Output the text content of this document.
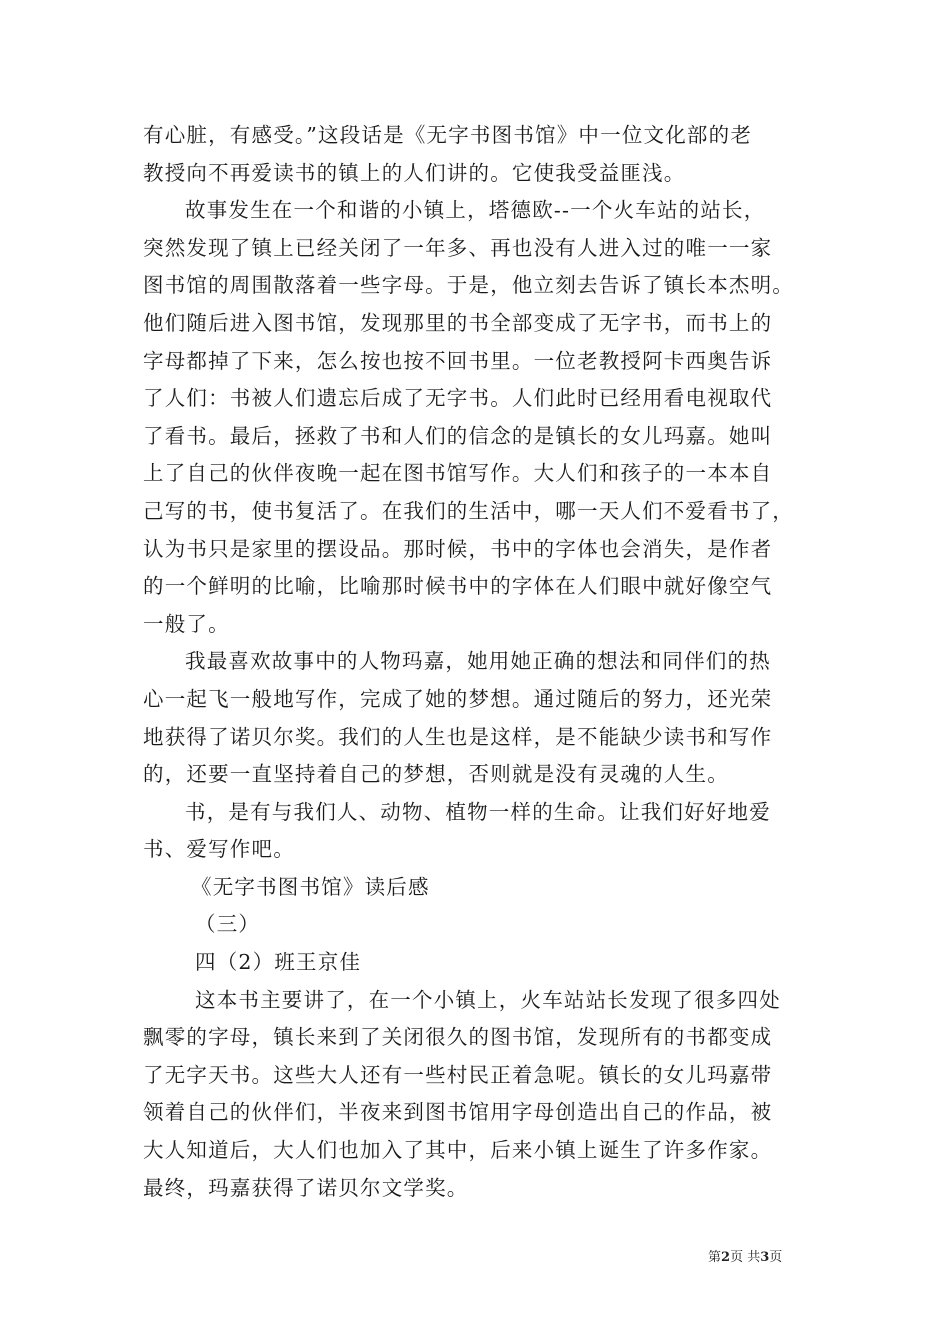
有心脏，有感受。”这段话是《无字书图书馆》中一位文化部的老
教授向不再爱读书的镇上的人们讲的。它使我受益匪浅。
故事发生在一个和谐的小镇上，塔德欧--一个火车站的站长，
突然发现了镇上已经关闭了一年多、再也没有人进入过的唯一一家
图书馆的周围散落着一些字母。于是，他立刻去告诉了镇长本杰明。
他们随后进入图书馆，发现那里的书全部变成了无字书，而书上的
字母都掉了下来，怎么按也按不回书里。一位老教授阿卡西奥告诉
了人们：书被人们遗忘后成了无字书。人们此时已经用看电视取代
了看书。最后，拯救了书和人们的信念的是镇长的女儿玛嘉。她叫
上了自己的伙伴夜晚一起在图书馆写作。大人们和孩子的一本本自
己写的书，使书复活了。在我们的生活中，哪一天人们不爱看书了，
认为书只是家里的摆设品。那时候，书中的字体也会消失，是作者
的一个鲜明的比喻，比喻那时候书中的字体在人们眼中就好像空气
一般了。
我最喜欢故事中的人物玛嘉，她用她正确的想法和同伴们的热
心一起飞一般地写作，完成了她的梦想。通过随后的努力，还光荣
地获得了诺贝尔奖。我们的人生也是这样，是不能缺少读书和写作
的，还要一直坚持着自己的梦想，否则就是没有灵魂的人生。
书，是有与我们人、动物、植物一样的生命。让我们好好地爱
书、爱写作吧。
《无字书图书馆》读后感
（三）
四（2）班王京佳
这本书主要讲了，在一个小镇上，火车站站长发现了很多四处
飘零的字母，镇长来到了关闭很久的图书馆，发现所有的书都变成
了无字天书。这些大人还有一些村民正着急呢。镇长的女儿玛嘉带
领着自己的伙伴们，半夜来到图书馆用字母创造出自己的作品，被
大人知道后，大人们也加入了其中，后来小镇上诞生了许多作家。
最终，玛嘉获得了诺贝尔文学奖。
第2页 共3页
